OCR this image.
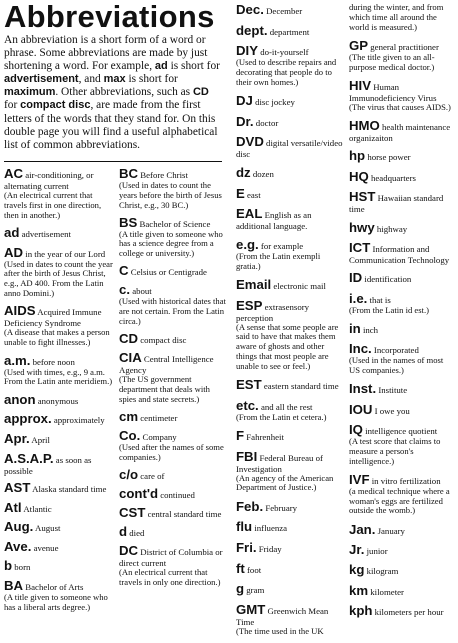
Abbreviations
An abbreviation is a short form of a word or phrase. Some abbreviations are made by just shortening a word. For example, ad is short for advertisement, and max is short for maximum. Other abbreviations, such as CD for compact disc, are made from the first letters of the words that they stand for. On this double page you will find a useful alphabetical list of common abbreviations.
AC air-conditioning, or alternating current
(An electrical current that travels first in one direction, then in another.)
ad advertisement
AD in the year of our Lord
(Used in dates to count the year after the birth of Jesus Christ, e.g., AD 400. From the Latin anno Domini.)
AIDS Acquired Immune Deficiency Syndrome
(A disease that makes a person unable to fight illnesses.)
a.m. before noon
(Used with times, e.g., 9 a.m. From the Latin ante meridiem.)
anon anonymous
approx. approximately
Apr. April
A.S.A.P. as soon as possible
AST Alaska standard time
Atl Atlantic
Aug. August
Ave. avenue
b born
BA Bachelor of Arts
(A title given to someone who has a liberal arts degree.)
BC Before Christ
(Used in dates to count the years before the birth of Jesus Christ, e.g., 30 BC.)
BS Bachelor of Science
(A title given to someone who has a science degree from a college or university.)
C Celsius or Centigrade
c. about
(Used with historical dates that are not certain. From the Latin circa.)
CD compact disc
CIA Central Intelligence Agency
(The US government department that deals with spies and state secrets.)
cm centimeter
Co. Company
(Used after the names of some companies.)
c/o care of
cont'd continued
CST central standard time
d died
DC District of Columbia or direct current
(An electrical current that travels in only one direction.)
Dec. December
dept. department
DIY do-it-yourself
(Used to describe repairs and decorating that people do to their own homes.)
DJ disc jockey
Dr. doctor
DVD digital versatile/video disc
dz dozen
E east
EAL English as an additional language.
e.g. for example
(From the Latin exempli gratia.)
Email electronic mail
ESP extrasensory perception
(A sense that some people are said to have that makes them aware of ghosts and other things that most people are unable to see or feel.)
EST eastern standard time
etc. and all the rest
(From the Latin et cetera.)
F Fahrenheit
FBI Federal Bureau of Investigation
(An agency of the American Department of Justice.)
Feb. February
flu influenza
Fri. Friday
ft foot
g gram
GMT Greenwich Mean Time
(The time used in the UK
during the winter, and from which time all around the world is measured.)
GP general practitioner
(The title given to an all-purpose medical doctor.)
HIV Human Immunodeficiency Virus
(The virus that causes AIDS.)
HMO health maintenance organizaiton
hp horse power
HQ headquarters
HST Hawaiian standard time
hwy highway
ICT Information and Communication Technology
ID identification
i.e. that is
(From the Latin id est.)
in inch
Inc. Incorporated
(Used in the names of most US companies.)
Inst. Institute
IOU I owe you
IQ intelligence quotient
(A test score that claims to measure a person's intelligence.)
IVF in vitro fertilization
(a medical technique where a woman's eggs are fertilized outside the womb.)
Jan. January
Jr. junior
kg kilogram
km kilometer
kph kilometers per hour
